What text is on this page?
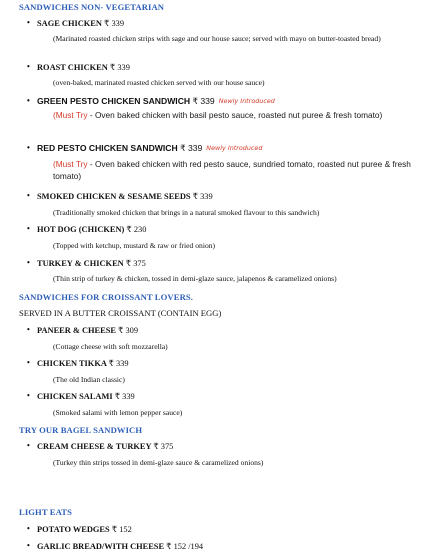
SANDWICHES NON- VEGETARIAN
• SAGE CHICKEN ₹ 339
(Marinated roasted chicken strips with sage and our house sauce; served with mayo on butter-toasted bread)
• ROAST CHICKEN ₹ 339
(oven-baked, marinated roasted chicken served with our house sauce)
• GREEN PESTO CHICKEN SANDWICH ₹ 339 Newly Introduced
(Must Try - Oven baked chicken with basil pesto sauce, roasted nut puree & fresh tomato)
• RED PESTO CHICKEN SANDWICH ₹ 339 Newly Introduced
(Must Try - Oven baked chicken with red pesto sauce, sundried tomato, roasted nut puree & fresh tomato)
• SMOKED CHICKEN & SESAME SEEDS ₹ 339
(Traditionally smoked chicken that brings in a natural smoked flavour to this sandwich)
• HOT DOG (CHICKEN) ₹ 230
(Topped with ketchup, mustard & raw or fried onion)
• TURKEY & CHICKEN ₹ 375
(Thin strip of turkey & chicken, tossed in demi-glaze sauce, jalapenos & caramelized onions)
SANDWICHES FOR CROISSANT LOVERS.
SERVED IN A BUTTER CROISSANT (CONTAIN EGG)
• PANEER & CHEESE ₹ 309
(Cottage cheese with soft mozzarella)
• CHICKEN TIKKA ₹ 339
(The old Indian classic)
• CHICKEN SALAMI ₹ 339
(Smoked salami with lemon pepper sauce)
TRY OUR BAGEL SANDWICH
• CREAM CHEESE & TURKEY ₹ 375
(Turkey thin strips tossed in demi-glaze sauce & caramelized onions)
LIGHT EATS
• POTATO WEDGES ₹ 152
• GARLIC BREAD/WITH CHEESE ₹ 152 /194
